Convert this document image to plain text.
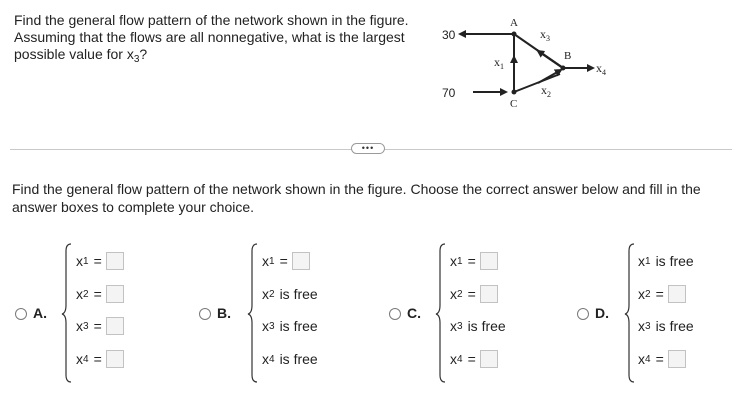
Find the general flow pattern of the network shown in the figure.
Assuming that the flows are all nonnegative, what is the largest
possible value for $x_3$?
30
70
A
B
C
$x_1$
$x_2$
$x_3$
$x_4$
•••
Find the general flow pattern of the network shown in the figure. Choose the correct answer below and fill in the answer boxes to complete your choice.
A.
x 1 =
x 2 =
x 3 =
x 4 =
B.
x 1 =
x 2 is free
x 3 is free
x 4 is free
C.
x 1 =
x 2 =
x 3 is free
x 4 =
D.
x 1 is free
x 2 =
x 3 is free
x 4 =
